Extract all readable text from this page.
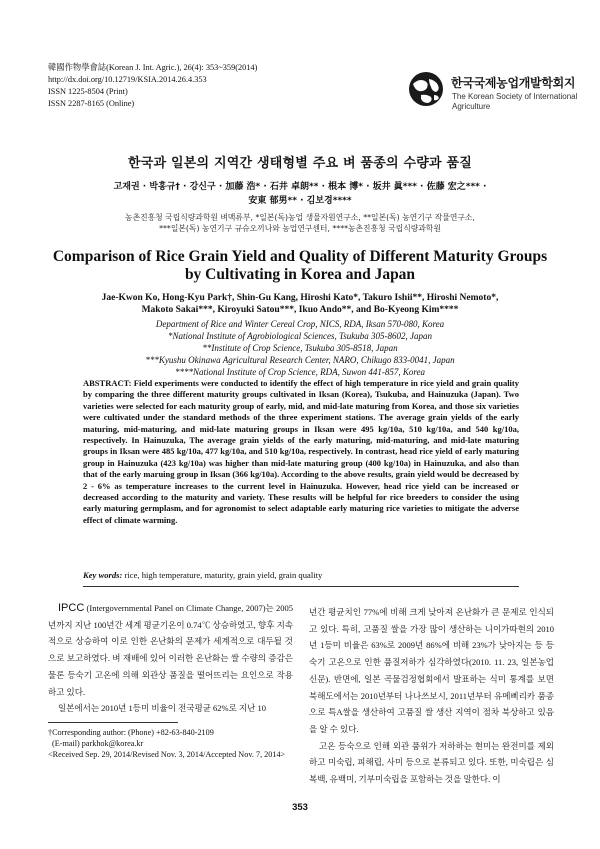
韓國作物學會誌(Korean J. Int. Agric.), 26(4): 353~359(2014)
http://dx.doi.org/10.12719/KSIA.2014.26.4.353
ISSN 1225-8504 (Print)
ISSN 2287-8165 (Online)
한국국제농업개발학회지
The Korean Society of International
Agriculture
한국과 일본의 지역간 생태형별 주요 벼 품종의 수량과 품질
고재권 · 박홍규† · 강신구 · 加藤 浩* · 石井 卓朗** · 根本 博* · 坂井 眞*** · 佐藤 宏之*** ·
安東 郁男** · 김보경****
농촌진흥청 국립식량과학원 벼맥류부, *일본(독)농업 생물자원연구소, **일본(독) 농연기구 작물연구소,
***일본(독) 농연기구 규슈오끼나와 농업연구센터, ****농촌진흥청 국립식량과학원
Comparison of Rice Grain Yield and Quality of Different Maturity Groups
by Cultivating in Korea and Japan
Jae-Kwon Ko, Hong-Kyu Park†, Shin-Gu Kang, Hiroshi Kato*, Takuro Ishii**, Hiroshi Nemoto*,
Makoto Sakai***, Kiroyuki Satou***, Ikuo Ando**, and Bo-Kyeong Kim****
Department of Rice and Winter Cereal Crop, NICS, RDA, Iksan 570-080, Korea
*National Institute of Agrobiological Sciences, Tsukuba 305-8602, Japan
**Institute of Crop Science, Tsukuba 305-8518, Japan
***Kyushu Okinawa Agricultural Research Center, NARO, Chikugo 833-0041, Japan
****National Institute of Crop Science, RDA, Suwon 441-857, Korea
ABSTRACT: Field experiments were conducted to identify the effect of high temperature in rice yield and grain quality by comparing the three different maturity groups cultivated in Iksan (Korea), Tsukuba, and Hainuzuka (Japan). Two varieties were selected for each maturity group of early, mid, and mid-late maturing from Korea, and those six varieties were cultivated under the standard methods of the three experiment stations. The average grain yields of the early maturing, mid-maturing, and mid-late maturing groups in Iksan were 495 kg/10a, 510 kg/10a, and 540 kg/10a, respectively. In Hainuzuka, The average grain yields of the early maturing, mid-maturing, and mid-late maturing groups in Iksan were 485 kg/10a, 477 kg/10a, and 510 kg/10a, respectively. In contrast, head rice yield of early maturing group in Hainuzuka (423 kg/10a) was higher than mid-late maturing group (400 kg/10a) in Hainuzuka, and also than that of the early maruing group in Iksan (366 kg/10a). According to the above results, grain yield would be decreased by 2 - 6% as temperature increases to the current level in Hainuzuka. However, head rice yield can be increased or decreased according to the maturity and variety. These results will be helpful for rice breeders to consider the using early maturing germplasm, and for agronomist to select adaptable early maturing rice varieties to mitigate the adverse effect of climate warming.
Key words: rice, high temperature, maturity, grain yield, grain quality

IPCC (Intergovernmental Panel on Climate Change, 2007)는 2005년까지 지난 100년간 세계 평균기온이 0.74℃ 상승하였고, 향후 지속적으로 상승하여 이로 인한 온난화의 문제가 세계적으로 대두될 것으로 보고하였다. 벼 재배에 있어 이러한 온난화는 쌀 수량의 증감은 물론 등숙기 고온에 의해 외관상 품질을 떨어뜨리는 요인으로 작용하고 있다.

일본에서는 2010년 1등미 비율이 전국평균 62%로 지난 10

년간 평균치인 77%에 비해 크게 낮아져 온난화가 큰 문제로 인식되고 있다. 특히, 고품질 쌀을 가장 많이 생산하는 니이가따현의 2010년 1등미 비율은 63%로 2009년 86%에 비해 23%가 낮아지는 등 등숙기 고온으로 인한 품질저하가 심각하였다(2010. 11. 23, 일본농업신문). 반면에, 일본 곡물검정협회에서 발표하는 식미 통계를 보면 북해도에서는 2010년부터 나나쓰보시, 2011년부터 유메삐리카 품종으로 특A쌀을 생산하여 고품질 쌀 생산 지역이 점차 북상하고 있음을 알 수 있다.

고온 등숙으로 인해 외관 품위가 저하하는 현미는 완전미를 제외하고 미숙립, 피해립, 사미 등으로 분류되고 있다. 또한, 미숙립은 심복백, 유백미, 기부미숙립을 포함하는 것을 말한다. 이

†Corresponding author: (Phone) +82-63-840-2109
(E-mail) parkhok@korea.kr
<Received Sep. 29, 2014/Revised Nov. 3, 2014/Accepted Nov. 7, 2014>
353
